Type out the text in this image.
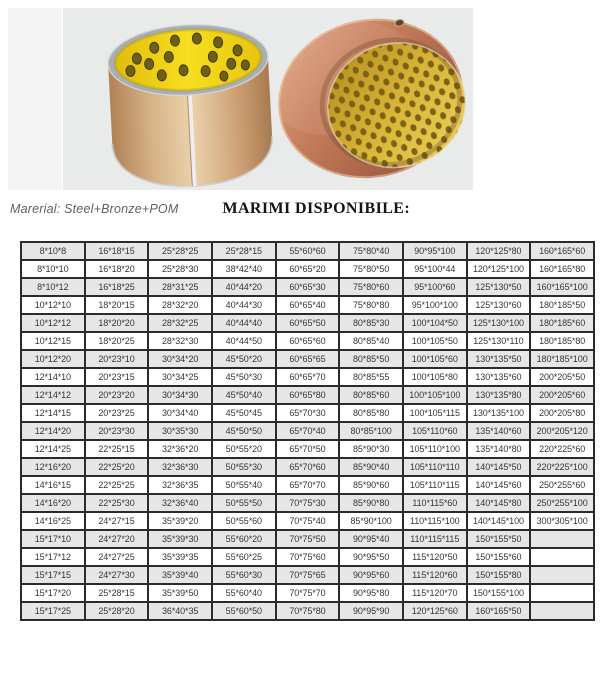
Marerial: Steel+Bronze+POM	MARIMI DISPONIBILE:
8*10*8	16*18*15	25*28*25	25*28*15	55*60*60	75*80*40	90*95*100	120*125*80	160*165*60
8*10*10	16*18*20	25*28*30	38*42*40	60*65*20	75*80*50	95*100*44	120*125*100	160*165*80
8*10*12	16*18*25	28*31*25	40*44*20	60*65*30	75*80*60	95*100*60	125*130*50	160*165*100
10*12*10	18*20*15	28*32*20	40*44*30	60*65*40	75*80*80	95*100*100	125*130*60	180*185*50
10*12*12	18*20*20	28*32*25	40*44*40	60*65*50	80*85*30	100*104*50	125*130*100	180*185*60
10*12*15	18*20*25	28*32*30	40*44*50	60*65*60	80*85*40	100*105*50	125*130*110	180*185*80
10*12*20	20*23*10	30*34*20	45*50*20	60*65*65	80*85*50	100*105*60	130*135*50	180*185*100
12*14*10	20*23*15	30*34*25	45*50*30	60*65*70	80*85*55	100*105*80	130*135*60	200*205*50
12*14*12	20*23*20	30*34*30	45*50*40	60*65*80	80*85*60	100*105*100	130*135*80	200*205*60
12*14*15	20*23*25	30*34*40	45*50*45	65*70*30	80*85*80	100*105*115	130*135*100	200*205*80
12*14*20	20*23*30	30*35*30	45*50*50	65*70*40	80*85*100	105*110*60	135*140*60	200*205*120
12*14*25	22*25*15	32*36*20	50*55*20	65*70*50	85*90*30	105*110*100	135*140*80	220*225*60
12*16*20	22*25*20	32*36*30	50*55*30	65*70*60	85*90*40	105*110*110	140*145*50	220*225*100
14*16*15	22*25*25	32*36*35	50*55*40	65*70*70	85*90*60	105*110*115	140*145*60	250*255*60
14*16*20	22*25*30	32*36*40	50*55*50	70*75*30	85*90*80	110*115*60	140*145*80	250*255*100
14*16*25	24*27*15	35*39*20	50*55*60	70*75*40	85*90*100	110*115*100	140*145*100	300*305*100
15*17*10	24*27*20	35*39*30	55*60*20	70*75*50	90*95*40	110*115*115	150*155*50	
15*17*12	24*27*25	35*39*35	55*60*25	70*75*60	90*95*50	115*120*50	150*155*60	
15*17*15	24*27*30	35*39*40	55*60*30	70*75*65	90*95*60	115*120*60	150*155*80	
15*17*20	25*28*15	35*39*50	55*60*40	70*75*70	90*95*80	115*120*70	150*155*100	
15*17*25	25*28*20	36*40*35	55*60*50	70*75*80	90*95*90	120*125*60	160*165*50	
